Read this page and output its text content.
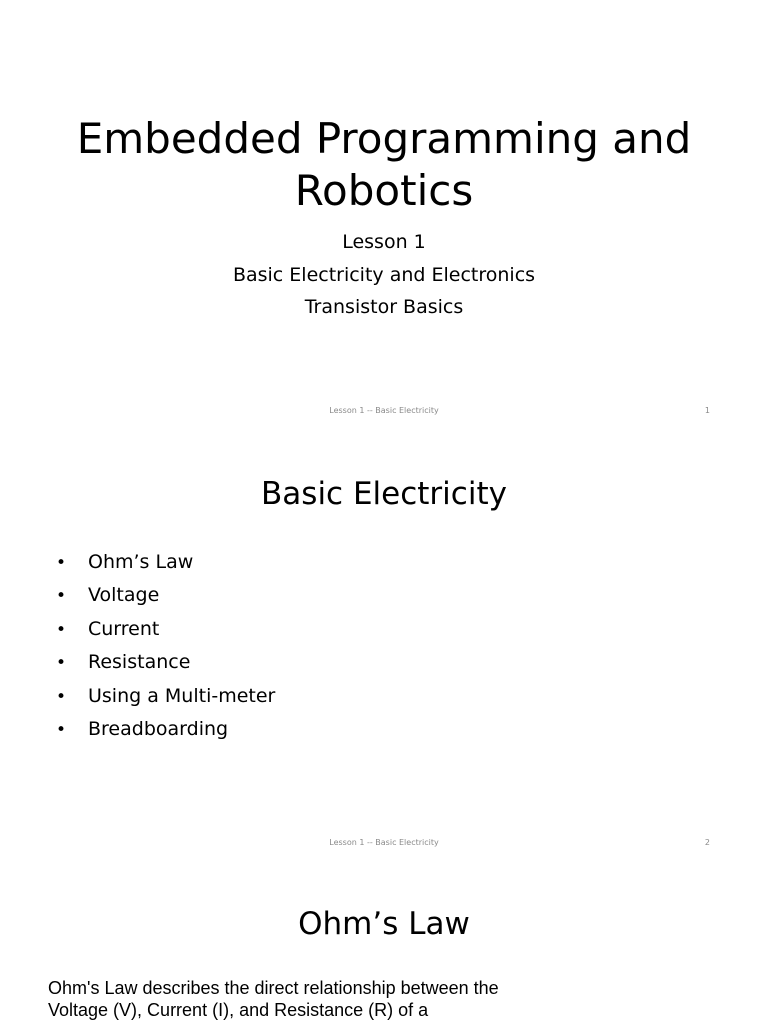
Embedded Programming and Robotics
Lesson 1
Basic Electricity and Electronics
Transistor Basics
Lesson 1 -- Basic Electricity	1
Basic Electricity
•	Ohm’s Law
•	Voltage
•	Current
•	Resistance
•	Using a Multi-meter
•	Breadboarding
Lesson 1 -- Basic Electricity	2
Ohm’s Law

Ohm's Law describes the direct relationship between the Voltage (V), Current (I), and Resistance (R) of a
